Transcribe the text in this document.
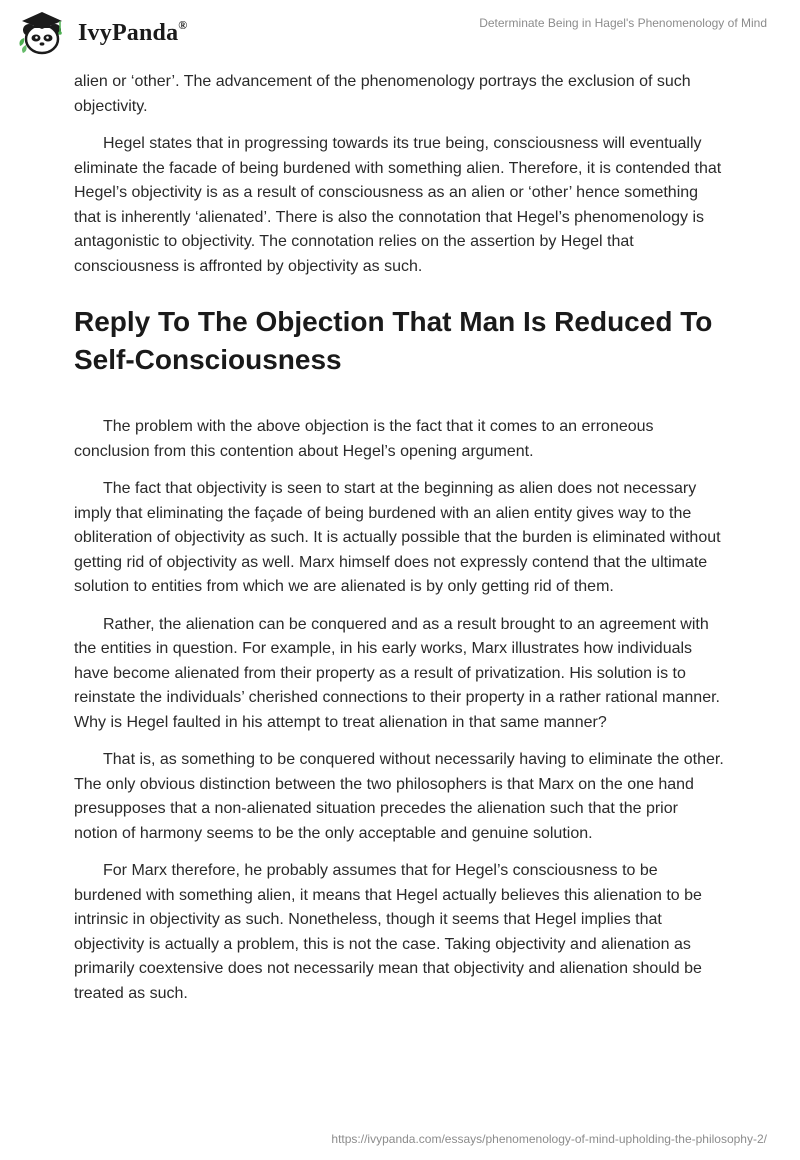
IvyPanda®	Determinate Being in Hagel's Phenomenology of Mind

alien or ‘other’. The advancement of the phenomenology portrays the exclusion of such objectivity.

Hegel states that in progressing towards its true being, consciousness will eventually eliminate the facade of being burdened with something alien. Therefore, it is contended that Hegel’s objectivity is as a result of consciousness as an alien or ‘other’ hence something that is inherently ‘alienated’. There is also the connotation that Hegel’s phenomenology is antagonistic to objectivity. The connotation relies on the assertion by Hegel that consciousness is affronted by objectivity as such.

Reply To The Objection That Man Is Reduced To Self-Consciousness

The problem with the above objection is the fact that it comes to an erroneous conclusion from this contention about Hegel’s opening argument.

The fact that objectivity is seen to start at the beginning as alien does not necessary imply that eliminating the façade of being burdened with an alien entity gives way to the obliteration of objectivity as such. It is actually possible that the burden is eliminated without getting rid of objectivity as well. Marx himself does not expressly contend that the ultimate solution to entities from which we are alienated is by only getting rid of them.

Rather, the alienation can be conquered and as a result brought to an agreement with the entities in question. For example, in his early works, Marx illustrates how individuals have become alienated from their property as a result of privatization. His solution is to reinstate the individuals’ cherished connections to their property in a rather rational manner. Why is Hegel faulted in his attempt to treat alienation in that same manner?

That is, as something to be conquered without necessarily having to eliminate the other. The only obvious distinction between the two philosophers is that Marx on the one hand presupposes that a non-alienated situation precedes the alienation such that the prior notion of harmony seems to be the only acceptable and genuine solution.

For Marx therefore, he probably assumes that for Hegel’s consciousness to be burdened with something alien, it means that Hegel actually believes this alienation to be intrinsic in objectivity as such. Nonetheless, though it seems that Hegel implies that objectivity is actually a problem, this is not the case. Taking objectivity and alienation as primarily coextensive does not necessarily mean that objectivity and alienation should be treated as such.

https://ivypanda.com/essays/phenomenology-of-mind-upholding-the-philosophy-2/
